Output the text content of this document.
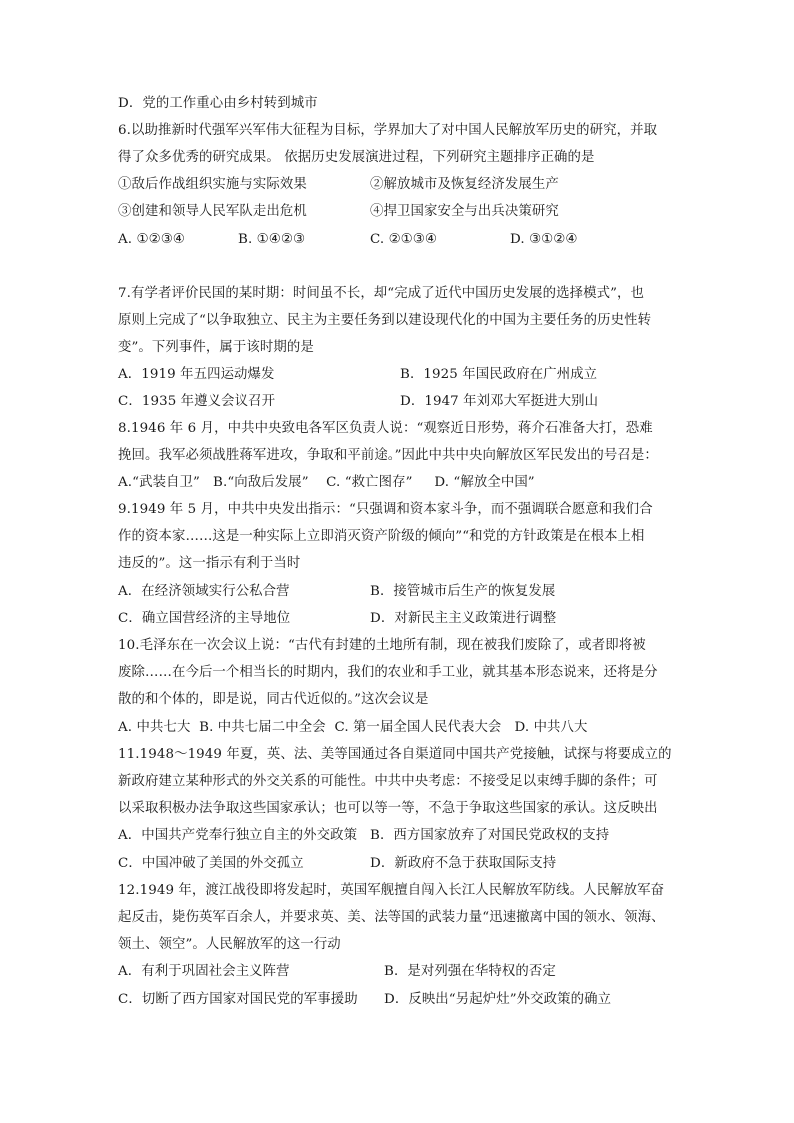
D．党的工作重心由乡村转到城市
6.以助推新时代强军兴军伟大征程为目标，学界加大了对中国人民解放军历史的研究，并取
得了众多优秀的研究成果。 依据历史发展演进过程，下列研究主题排序正确的是
①敌后作战组织实施与实际效果	②解放城市及恢复经济发展生产
③创建和领导人民军队走出危机	④捍卫国家安全与出兵决策研究
A. ①②③④	B. ①④②③	C. ②①③④	D. ③①②④
7.有学者评价民国的某时期：时间虽不长，却“完成了近代中国历史发展的选择模式”，也
原则上完成了“以争取独立、民主为主要任务到以建设现代化的中国为主要任务的历史性转
变”。下列事件，属于该时期的是
A．1919 年五四运动爆发	B．1925 年国民政府在广州成立
C．1935 年遵义会议召开	D．1947 年刘邓大军挺进大别山
8.1946 年 6 月，中共中央致电各军区负责人说：“观察近日形势，蒋介石准备大打，恐难
挽回。我军必须战胜蒋军进攻，争取和平前途。”因此中共中央向解放区军民发出的号召是：
A.“武装自卫”   B.“向敌后发展”    C. “救亡图存”     D. “解放全中国”
9.1949 年 5 月，中共中央发出指示：“只强调和资本家斗争，而不强调联合愿意和我们合
作的资本家……这是一种实际上立即消灭资产阶级的倾向”“和党的方针政策是在根本上相
违反的”。这一指示有利于当时
A．在经济领域实行公私合营	B．接管城市后生产的恢复发展
C．确立国营经济的主导地位	D．对新民主主义政策进行调整
10.毛泽东在一次会议上说：“古代有封建的土地所有制，现在被我们废除了，或者即将被
废除……在今后一个相当长的时期内，我们的农业和手工业，就其基本形态说来，还将是分
散的和个体的，即是说，同古代近似的。”这次会议是
A. 中共七大  B. 中共七届二中全会  C. 第一届全国人民代表大会   D. 中共八大
11.1948～1949 年夏，英、法、美等国通过各自渠道同中国共产党接触，试探与将要成立的
新政府建立某种形式的外交关系的可能性。中共中央考虑：不接受足以束缚手脚的条件；可
以采取积极办法争取这些国家承认；也可以等一等，不急于争取这些国家的承认。这反映出
A．中国共产党奉行独立自主的外交政策 B．西方国家放弃了对国民党政权的支持
C．中国冲破了美国的外交孤立	D．新政府不急于获取国际支持
12.1949 年，渡江战役即将发起时，英国军舰擅自闯入长江人民解放军防线。人民解放军奋
起反击，毙伤英军百余人，并要求英、美、法等国的武装力量“迅速撤离中国的领水、领海、
领土、领空”。人民解放军的这一行动
A．有利于巩固社会主义阵营	B．是对列强在华特权的否定
C．切断了西方国家对国民党的军事援助 D．反映出“另起炉灶”外交政策的确立
